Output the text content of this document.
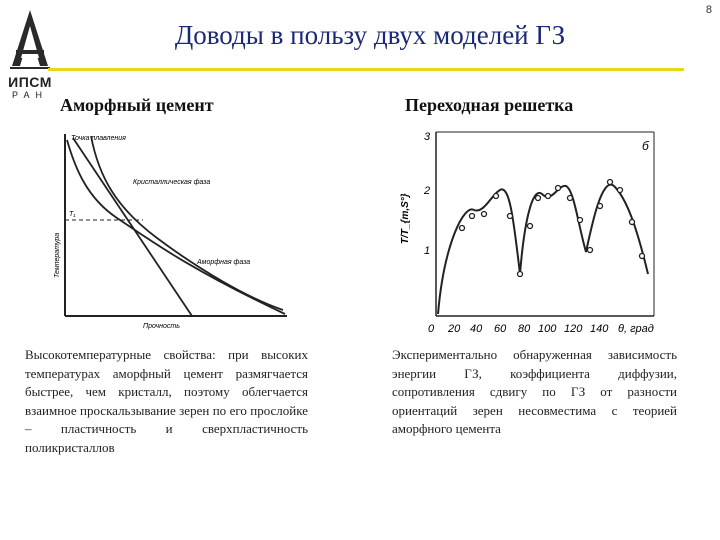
8
ИПСМ
РАН
Доводы в пользу двух моделей ГЗ
Аморфный цемент	Переходная решетка
Точка плавления
Кристаллическая фаза
Аморфная фаза
T₁
Температура
Прочность
3
2
1
T/T_{m,S°}
0 20 40 60 80 100 120 140 θ, град
б
Высокотемпературные свойства: при высоких температурах аморфный цемент размягчается быстрее, чем кристалл, поэтому облегчается взаимное проскальзывание зерен по его прослойке – пластичность и сверхпластичность поликристаллов
Экспериментально обнаруженная зависимость энергии ГЗ, коэффициента диффузии, сопротивления сдвигу по ГЗ от разности ориентаций зерен несовместима с теорией аморфного цемента
